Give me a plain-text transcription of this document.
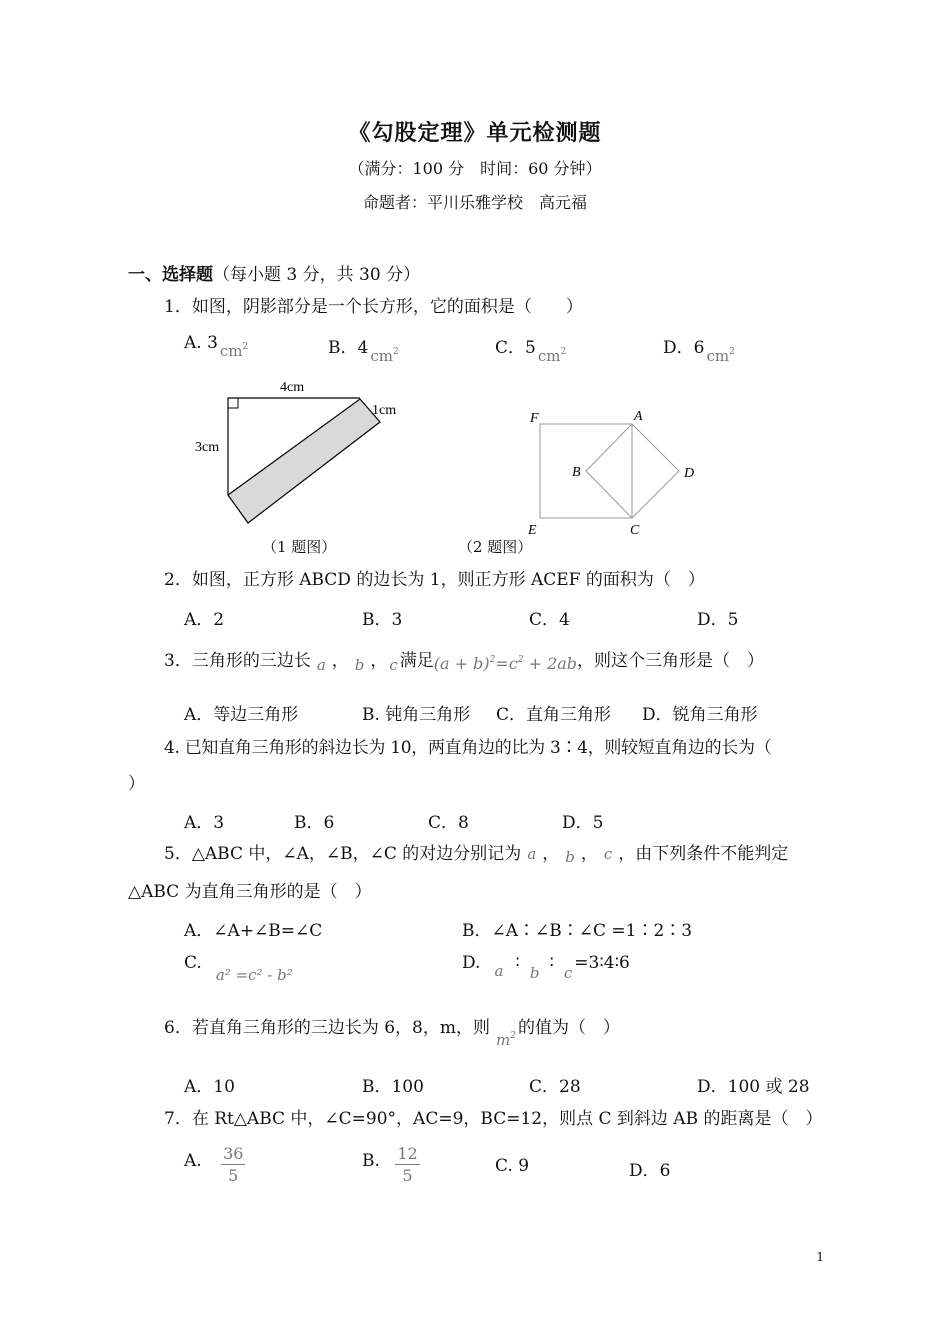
《勾股定理》单元检测题
（满分：100 分　时间：60 分钟）
命题者：平川乐雅学校　高元福
一、选择题（每小题 3 分，共 30 分）
1．如图，阴影部分是一个长方形，它的面积是（　　）
A. 3 $cm^2$	B．4 $cm^2$	C．5 $cm^2$	D．6 $cm^2$
4cm
3cm
1cm
（1 题图）
F	A
B	D
E	C
（2 题图）
2．如图，正方形 ABCD 的边长为 1，则正方形 ACEF 的面积为（　）
A．2	B．3	C．4	D．5
3．三角形的三边长 a ， b ， c 满足$(a + b)^2=c^2 + 2ab$，则这个三角形是（　）
A．等边三角形	B. 钝角三角形 C．直角三角形 D．锐角三角形
4. 已知直角三角形的斜边长为 10，两直角边的比为 3∶4，则较短直角边的长为（
）
A．3	B．6	C．8	D．5
5．△ABC 中，∠A，∠B，∠C 的对边分别记为 a ， b ， c ，由下列条件不能判定
△ABC 为直角三角形的是（　）
A．∠A+∠B=∠C	B．∠A∶∠B∶∠C =1∶2∶3
C.a² =c² - b²
D. a ∶ b ∶ c =3∶4∶6
6．若直角三角形的三边长为 6，8，m，则$m^2$ 的值为（　）
A．10	B．100	C．28	D．100 或 28
7．在 Rt△ABC 中，∠C=90°，AC=9，BC=12，则点 C 到斜边 AB 的距离是（　）
A. $\frac{36}{5}$	B. $\frac{12}{5}$	C. 9	D．6
1
